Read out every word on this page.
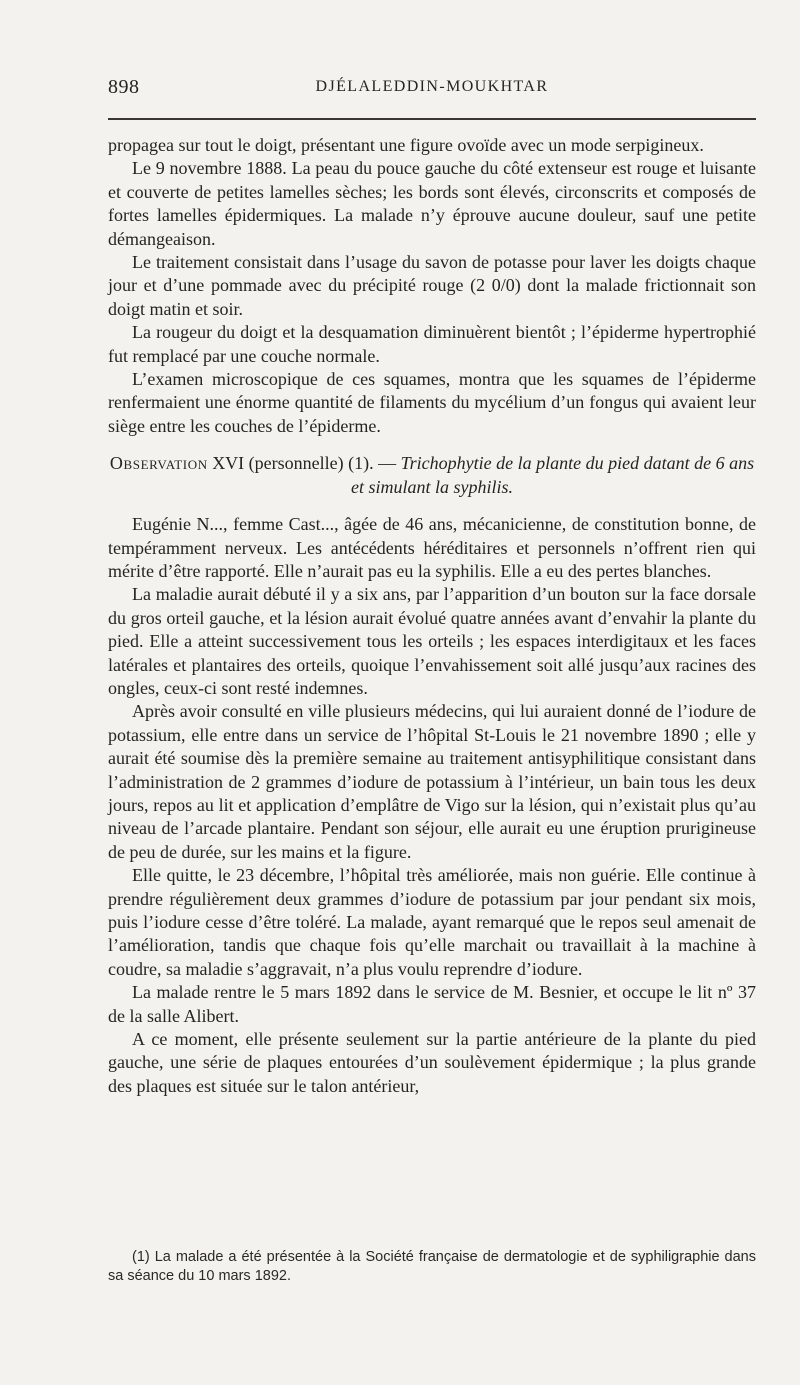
898	DJÉLALEDDIN-MOUKHTAR

propagea sur tout le doigt, présentant une figure ovoïde avec un mode serpigineux.

Le 9 novembre 1888. La peau du pouce gauche du côté extenseur est rouge et luisante et couverte de petites lamelles sèches; les bords sont élevés, circonscrits et composés de fortes lamelles épidermiques. La malade n’y éprouve aucune douleur, sauf une petite démangeaison.

Le traitement consistait dans l’usage du savon de potasse pour laver les doigts chaque jour et d’une pommade avec du précipité rouge (2 0/0) dont la malade frictionnait son doigt matin et soir.

La rougeur du doigt et la desquamation diminuèrent bientôt ; l’épiderme hypertrophié fut remplacé par une couche normale.

L’examen microscopique de ces squames, montra que les squames de l’épiderme renfermaient une énorme quantité de filaments du mycélium d’un fongus qui avaient leur siège entre les couches de l’épiderme.

Observation XVI (personnelle) (1). — Trichophytie de la plante du pied datant de 6 ans et simulant la syphilis.

Eugénie N..., femme Cast..., âgée de 46 ans, mécanicienne, de constitution bonne, de tempéramment nerveux. Les antécédents héréditaires et personnels n’offrent rien qui mérite d’être rapporté. Elle n’aurait pas eu la syphilis. Elle a eu des pertes blanches.

La maladie aurait débuté il y a six ans, par l’apparition d’un bouton sur la face dorsale du gros orteil gauche, et la lésion aurait évolué quatre années avant d’envahir la plante du pied. Elle a atteint successivement tous les orteils ; les espaces interdigitaux et les faces latérales et plantaires des orteils, quoique l’envahissement soit allé jusqu’aux racines des ongles, ceux-ci sont resté indemnes.

Après avoir consulté en ville plusieurs médecins, qui lui auraient donné de l’iodure de potassium, elle entre dans un service de l’hôpital St-Louis le 21 novembre 1890 ; elle y aurait été soumise dès la première semaine au traitement antisyphilitique consistant dans l’administration de 2 grammes d’iodure de potassium à l’intérieur, un bain tous les deux jours, repos au lit et application d’emplâtre de Vigo sur la lésion, qui n’existait plus qu’au niveau de l’arcade plantaire. Pendant son séjour, elle aurait eu une éruption prurigineuse de peu de durée, sur les mains et la figure.

Elle quitte, le 23 décembre, l’hôpital très améliorée, mais non guérie. Elle continue à prendre régulièrement deux grammes d’iodure de potassium par jour pendant six mois, puis l’iodure cesse d’être toléré. La malade, ayant remarqué que le repos seul amenait de l’amélioration, tandis que chaque fois qu’elle marchait ou travaillait à la machine à coudre, sa maladie s’aggravait, n’a plus voulu reprendre d’iodure.

La malade rentre le 5 mars 1892 dans le service de M. Besnier, et occupe le lit nº 37 de la salle Alibert.

A ce moment, elle présente seulement sur la partie antérieure de la plante du pied gauche, une série de plaques entourées d’un soulèvement épidermique ; la plus grande des plaques est située sur le talon antérieur,

(1) La malade a été présentée à la Société française de dermatologie et de syphiligraphie dans sa séance du 10 mars 1892.
